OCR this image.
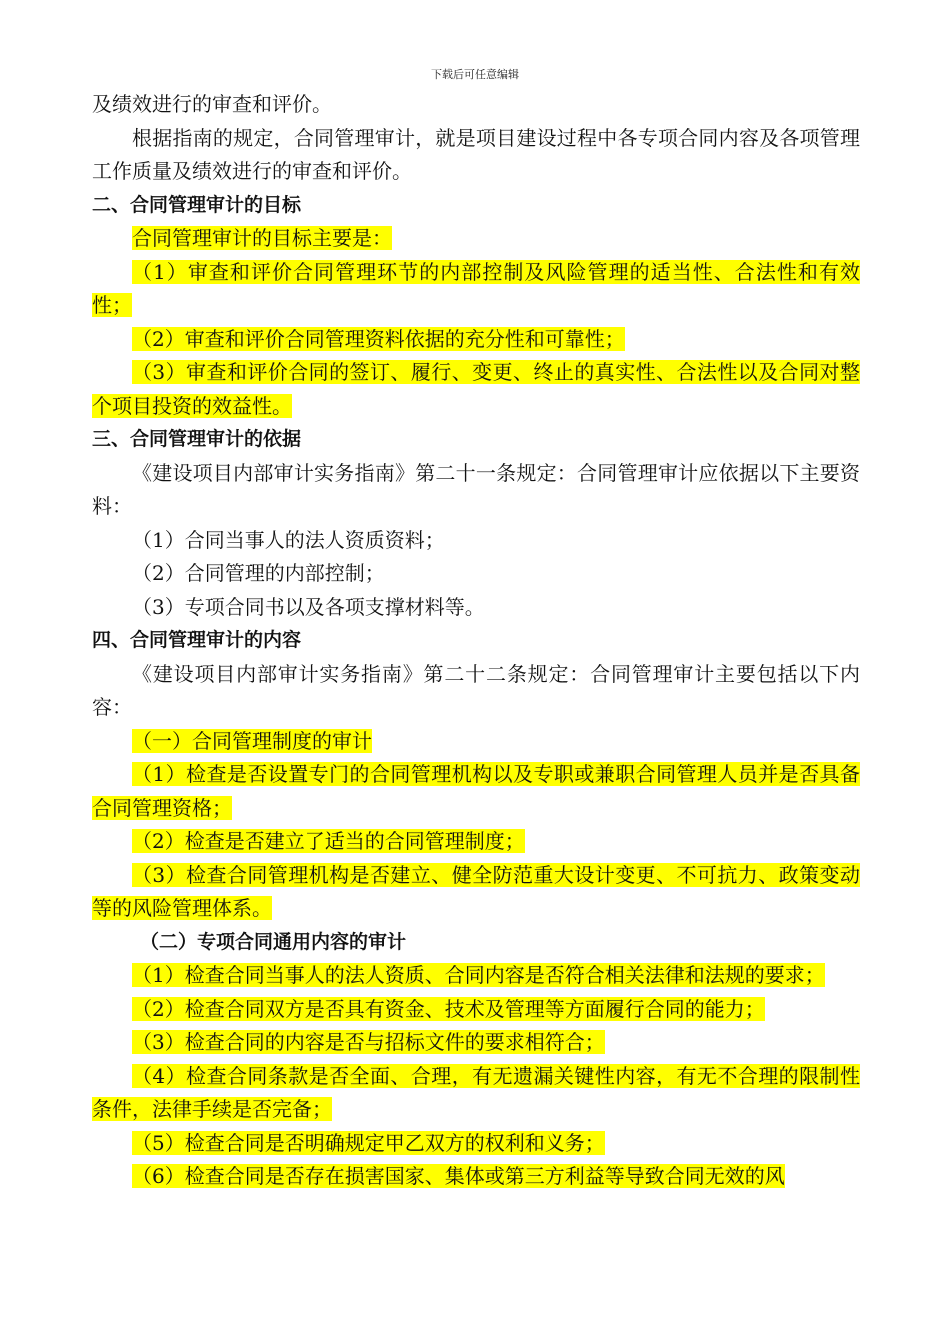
下载后可任意编辑

及绩效进行的审查和评价。

根据指南的规定，合同管理审计，就是项目建设过程中各专项合同内容及各项管理工作质量及绩效进行的审查和评价。

二、合同管理审计的目标

合同管理审计的目标主要是：

（1）审查和评价合同管理环节的内部控制及风险管理的适当性、合法性和有效性；

（2）审查和评价合同管理资料依据的充分性和可靠性；

（3）审查和评价合同的签订、履行、变更、终止的真实性、合法性以及合同对整个项目投资的效益性。

三、合同管理审计的依据

《建设项目内部审计实务指南》第二十一条规定：合同管理审计应依据以下主要资料：

（1）合同当事人的法人资质资料；

（2）合同管理的内部控制；

（3）专项合同书以及各项支撑材料等。

四、合同管理审计的内容

《建设项目内部审计实务指南》第二十二条规定：合同管理审计主要包括以下内容：

（一）合同管理制度的审计

（1）检查是否设置专门的合同管理机构以及专职或兼职合同管理人员并是否具备合同管理资格；

（2）检查是否建立了适当的合同管理制度；

（3）检查合同管理机构是否建立、健全防范重大设计变更、不可抗力、政策变动等的风险管理体系。

（二）专项合同通用内容的审计

（1）检查合同当事人的法人资质、合同内容是否符合相关法律和法规的要求；

（2）检查合同双方是否具有资金、技术及管理等方面履行合同的能力；

（3）检查合同的内容是否与招标文件的要求相符合；

（4）检查合同条款是否全面、合理，有无遗漏关键性内容，有无不合理的限制性条件，法律手续是否完备；

（5）检查合同是否明确规定甲乙双方的权利和义务；

（6）检查合同是否存在损害国家、集体或第三方利益等导致合同无效的风
